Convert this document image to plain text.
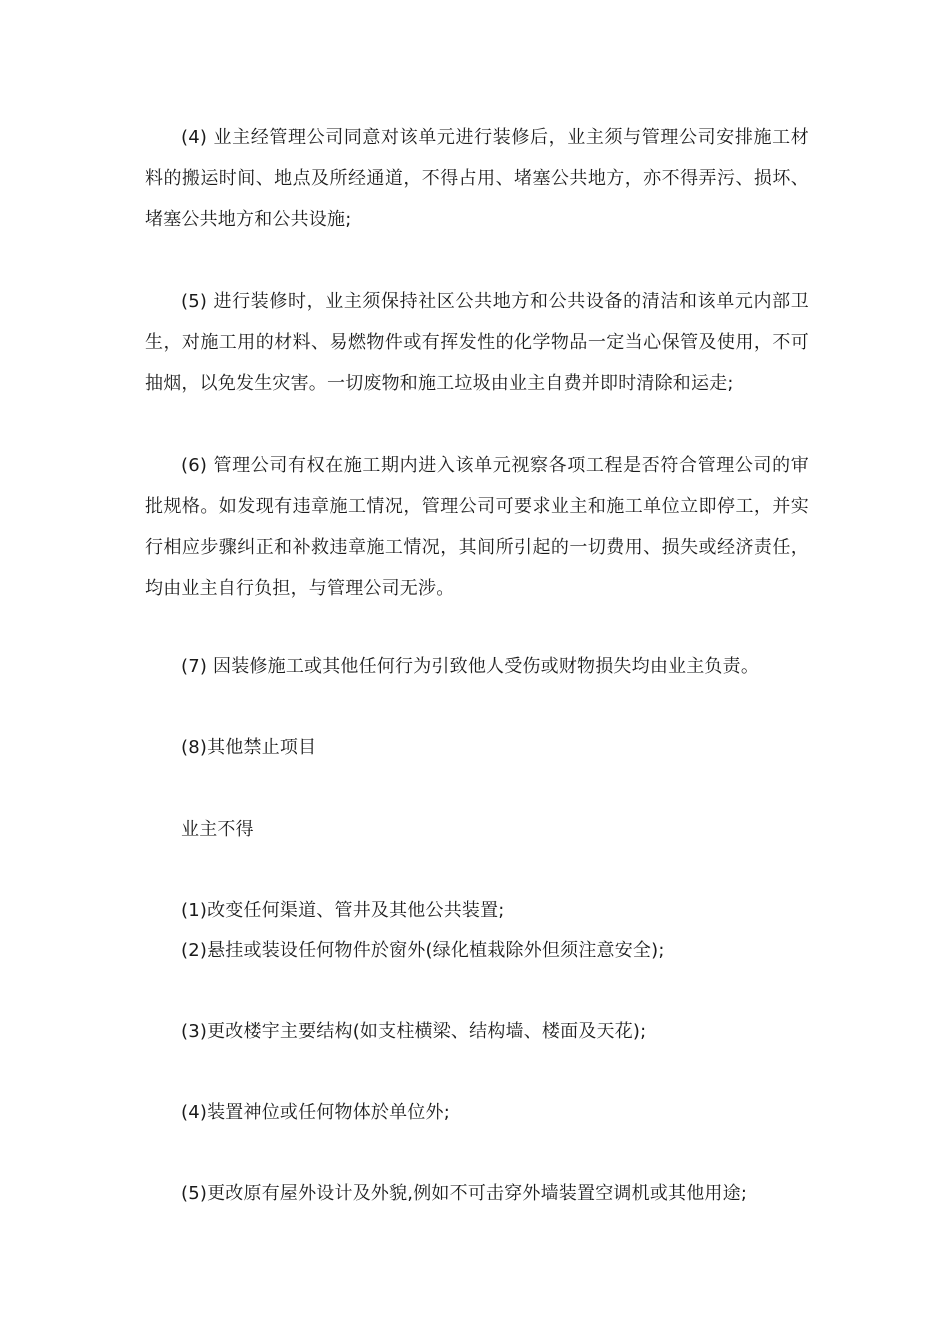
(4) 业主经管理公司同意对该单元进行装修后，业主须与管理公司安排施工材料的搬运时间、地点及所经通道，不得占用、堵塞公共地方，亦不得弄污、损坏、堵塞公共地方和公共设施;

(5) 进行装修时，业主须保持社区公共地方和公共设备的清洁和该单元内部卫生，对施工用的材料、易燃物件或有挥发性的化学物品一定当心保管及使用，不可抽烟，以免发生灾害。一切废物和施工垃圾由业主自费并即时清除和运走;

(6) 管理公司有权在施工期内进入该单元视察各项工程是否符合管理公司的审批规格。如发现有违章施工情况，管理公司可要求业主和施工单位立即停工，并实行相应步骤纠正和补救违章施工情况，其间所引起的一切费用、损失或经济责任，均由业主自行负担，与管理公司无涉。

(7) 因装修施工或其他任何行为引致他人受伤或财物损失均由业主负责。

(8)其他禁止项目

业主不得

(1)改变任何渠道、管井及其他公共装置;

(2)悬挂或装设任何物件於窗外(绿化植栽除外但须注意安全);

(3)更改楼宇主要结构(如支柱横梁、结构墙、楼面及天花);

(4)装置神位或任何物体於单位外;

(5)更改原有屋外设计及外貌,例如不可击穿外墙装置空调机或其他用途;
